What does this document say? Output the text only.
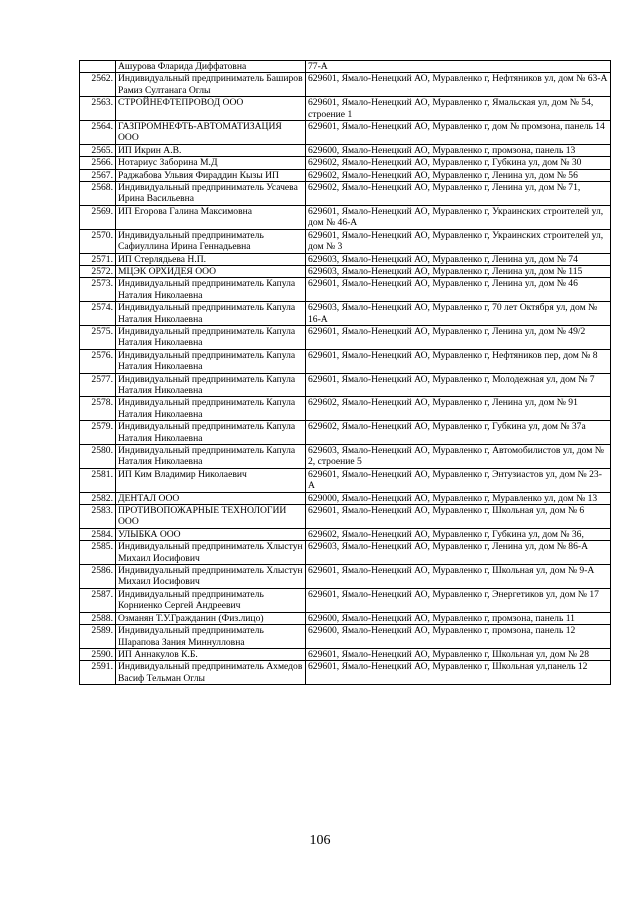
	Ашурова Фларида Диффатовна	77-А
2562.	Индивидуальный предприниматель Баширов Рамиз Султанага Оглы	629601, Ямало-Ненецкий АО, Муравленко г, Нефтяников ул, дом № 63-А
2563.	СТРОЙНЕФТЕПРОВОД ООО	629601, Ямало-Ненецкий АО, Муравленко г, Ямальская ул, дом № 54, строение 1
2564.	ГАЗПРОМНЕФТЬ-АВТОМАТИЗАЦИЯ ООО	629601, Ямало-Ненецкий АО, Муравленко г, дом № промзона, панель 14
2565.	ИП Икрин А.В.	629600, Ямало-Ненецкий АО, Муравленко г, промзона, панель 13
2566.	Нотариус Заборина М.Д	629602, Ямало-Ненецкий АО, Муравленко г, Губкина ул, дом № 30
2567.	Раджабова Ульвия Фираддин Кызы ИП	629602, Ямало-Ненецкий АО, Муравленко г, Ленина ул, дом № 56
2568.	Индивидуальный предприниматель Усачева Ирина Васильевна	629602, Ямало-Ненецкий АО, Муравленко г, Ленина ул, дом № 71,
2569.	ИП Егорова Галина Максимовна	629601, Ямало-Ненецкий АО, Муравленко г, Украинских строителей ул, дом № 46-А
2570.	Индивидуальный предприниматель Сафиуллина Ирина Геннадьевна	629601, Ямало-Ненецкий АО, Муравленко г, Украинских строителей ул, дом № 3
2571.	ИП Стерлядьева Н.П.	629603, Ямало-Ненецкий АО, Муравленко г, Ленина ул, дом № 74
2572.	МЦЭК ОРХИДЕЯ ООО	629603, Ямало-Ненецкий АО, Муравленко г, Ленина ул, дом № 115
2573.	Индивидуальный предприниматель Капула Наталия Николаевна	629601, Ямало-Ненецкий АО, Муравленко г, Ленина ул, дом № 46
2574.	Индивидуальный предприниматель Капула Наталия Николаевна	629603, Ямало-Ненецкий АО, Муравленко г, 70 лет Октября ул, дом № 16-А
2575.	Индивидуальный предприниматель Капула Наталия Николаевна	629601, Ямало-Ненецкий АО, Муравленко г, Ленина ул, дом № 49/2
2576.	Индивидуальный предприниматель Капула Наталия Николаевна	629601, Ямало-Ненецкий АО, Муравленко г, Нефтяников пер, дом № 8
2577.	Индивидуальный предприниматель Капула Наталия Николаевна	629601, Ямало-Ненецкий АО, Муравленко г, Молодежная ул, дом № 7
2578.	Индивидуальный предприниматель Капула Наталия Николаевна	629602, Ямало-Ненецкий АО, Муравленко г, Ленина ул, дом № 91
2579.	Индивидуальный предприниматель Капула Наталия Николаевна	629602, Ямало-Ненецкий АО, Муравленко г, Губкина ул, дом № 37а
2580.	Индивидуальный предприниматель Капула Наталия Николаевна	629603, Ямало-Ненецкий АО, Муравленко г, Автомобилистов ул, дом № 2, строение 5
2581.	ИП Ким Владимир Николаевич	629601, Ямало-Ненецкий АО, Муравленко г, Энтузиастов ул, дом № 23-А
2582.	ДЕНТАЛ ООО	629000, Ямало-Ненецкий АО, Муравленко г, Муравленко ул, дом № 13
2583.	ПРОТИВОПОЖАРНЫЕ ТЕХНОЛОГИИ ООО	629601, Ямало-Ненецкий АО, Муравленко г, Школьная ул, дом № 6
2584.	УЛЫБКА ООО	629602, Ямало-Ненецкий АО, Муравленко г, Губкина ул, дом № 36,
2585.	Индивидуальный предприниматель Хлыстун Михаил Иосифович	629603, Ямало-Ненецкий АО, Муравленко г, Ленина ул, дом № 86-А
2586.	Индивидуальный предприниматель Хлыстун Михаил Иосифович	629601, Ямало-Ненецкий АО, Муравленко г, Школьная ул, дом № 9-А
2587.	Индивидуальный предприниматель Корниенко Сергей Андреевич	629601, Ямало-Ненецкий АО, Муравленко г, Энергетиков ул, дом № 17
2588.	Озманян Т.У.Гражданин (Физ.лицо)	629600, Ямало-Ненецкий АО, Муравленко г, промзона, панель 11
2589.	Индивидуальный предприниматель Шарапова Зания Миннулловна	629600, Ямало-Ненецкий АО, Муравленко г, промзона, панель 12
2590.	ИП Аннакулов К.Б.	629601, Ямало-Ненецкий АО, Муравленко г, Школьная ул, дом № 28
2591.	Индивидуальный предприниматель Ахмедов Васиф Тельман Оглы	629601, Ямало-Ненецкий АО, Муравленко г, Школьная ул,панель 12
106
